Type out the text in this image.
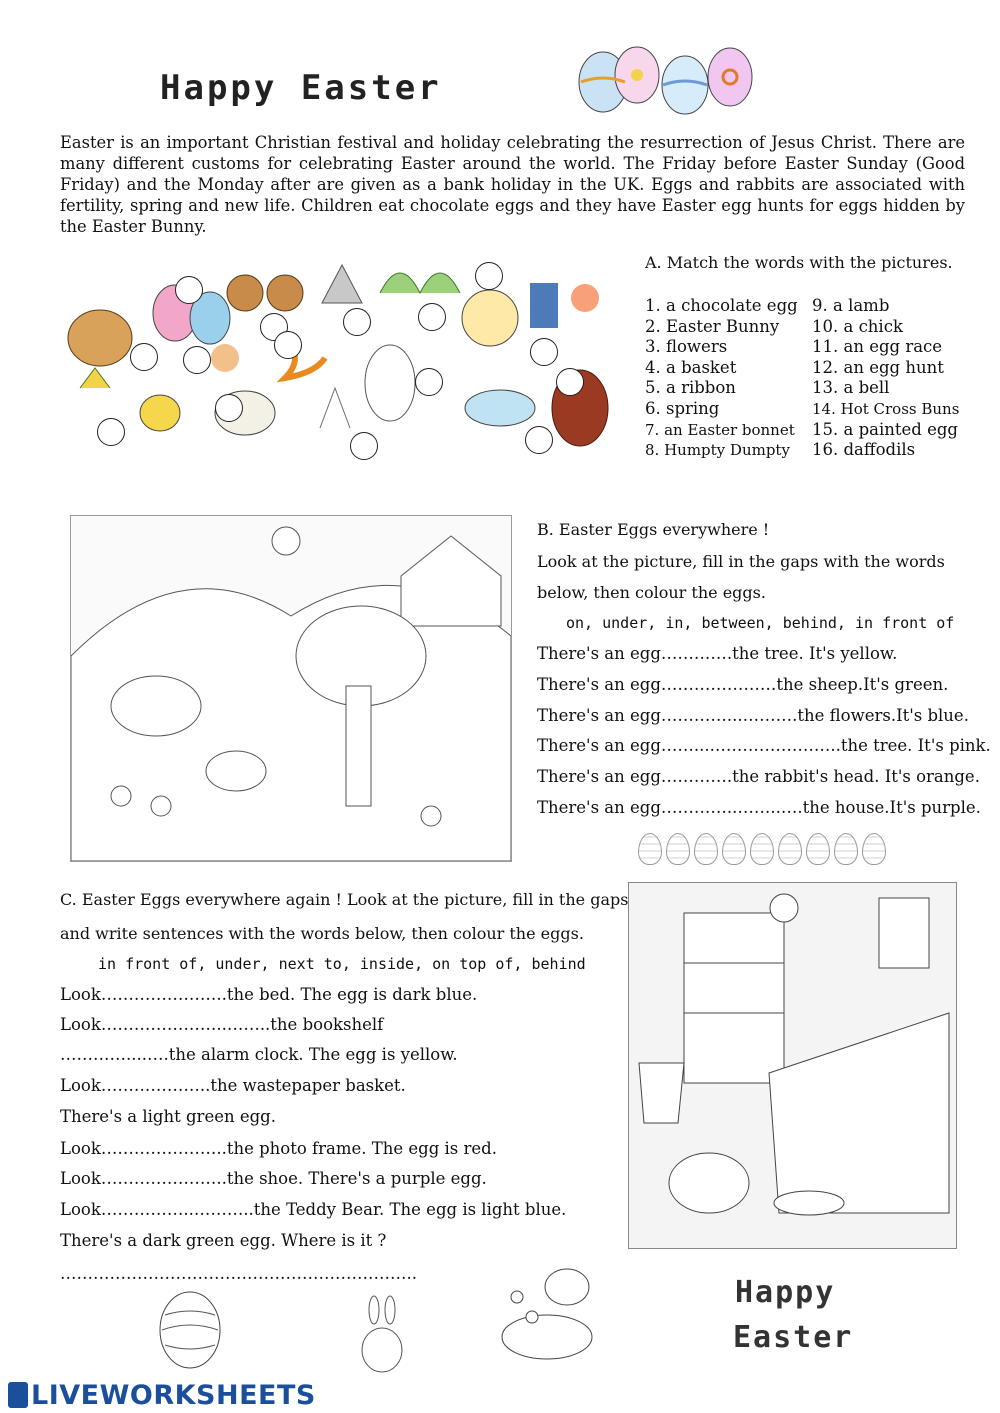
Happy Easter
Easter is an important Christian festival and holiday celebrating the resurrection of Jesus Christ. There are many different customs for celebrating Easter around the world. The Friday before Easter Sunday (Good Friday) and the Monday after are given as a bank holiday in the UK. Eggs and rabbits are associated with fertility, spring and new life. Children eat chocolate eggs and they have Easter egg hunts for eggs hidden by the Easter Bunny.
A. Match the words with the pictures.
1. a chocolate egg
2. Easter Bunny
3. flowers
4. a basket
5. a ribbon
6. spring
7. an Easter bonnet
8. Humpty Dumpty
9. a lamb
10. a chick
11. an egg race
12. an egg hunt
13. a bell
14. Hot Cross Buns
15. a painted egg
16. daffodils
B. Easter Eggs everywhere !
Look at the picture, fill in the gaps with the words
below, then colour the eggs.
on, under, in, between, behind, in front of
There's an egg………….the tree. It's yellow.
There's an egg…………………the sheep.It's green.
There's an egg…………...……….the flowers.It's blue.
There's an egg……....…………………..the tree. It's pink.
There's an egg………….the rabbit's head. It's orange.
There's an egg…………..……..….the house.It's purple.
C. Easter Eggs everywhere again ! Look at the picture, fill in the gaps
and write sentences with the words below, then colour the eggs.
in front of, under, next to, inside, on top of, behind
Look…………………..the bed. The egg is dark blue.
Look…………………..……..the bookshelf
…………....….the alarm clock. The egg is yellow.
Look………………..the wastepaper basket.
There's a light green egg.
Look…………………..the photo frame. The egg is red.
Look…………………..the shoe. There's a purple egg.
Look……………..………..the Teddy Bear. The egg is light blue.
There's a dark green egg. Where is it ?
………………………………………………………..
Happy
Easter
LIVEWORKSHEETS
